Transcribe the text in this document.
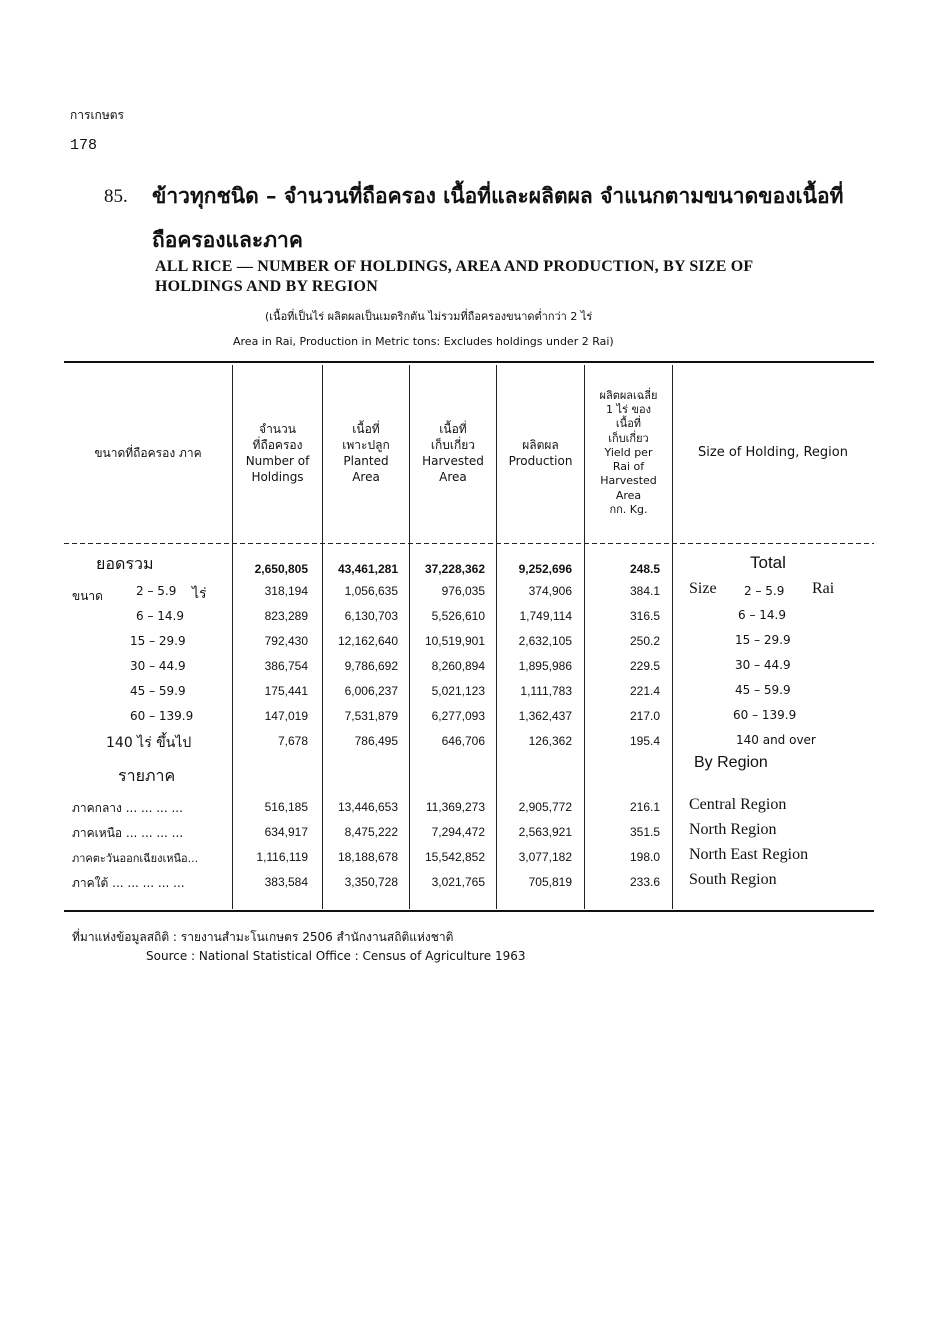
การเกษตร
178
85. ข้าวทุกชนิด – จำนวนที่ถือครอง เนื้อที่และผลิตผล จำแนกตามขนาดของเนื้อที่
ถือครองและภาค
ALL RICE — NUMBER OF HOLDINGS, AREA AND PRODUCTION, BY SIZE OF
HOLDINGS AND BY REGION
(เนื้อที่เป็นไร่ ผลิตผลเป็นเมตริกตัน ไม่รวมที่ถือครองขนาดต่ำกว่า 2 ไร่
Area in Rai, Production in Metric tons: Excludes holdings under 2 Rai)
ขนาดที่ถือครอง ภาค
จำนวน
ที่ถือครอง
Number of
Holdings
เนื้อที่
เพาะปลูก
Planted
Area
เนื้อที่
เก็บเกี่ยว
Harvested
Area
ผลิตผล
Production
ผลิตผลเฉลี่ย
1 ไร่ ของ
เนื้อที่
เก็บเกี่ยว
Yield per
Rai of
Harvested
Area
กก. Kg.
Size of Holding, Region
ยอดรวม	2,650,805 43,461,281 37,228,362	9,252,696	248.5	Total
ขนาด	2 – 5.9 ไร่	318,194	1,056,635	976,035	374,906	384.1 Size 2 – 5.9 Rai
6 – 14.9	823,289	6,130,703	5,526,610	1,749,114	316.5	6 – 14.9
15 – 29.9	792,430 12,162,640 10,519,901	2,632,105	250.2	15 – 29.9
30 – 44.9	386,754	9,786,692	8,260,894	1,895,986	229.5	30 – 44.9
45 – 59.9	175,441	6,006,237	5,021,123	1,111,783	221.4	45 – 59.9
60 – 139.9	147,019	7,531,879	6,277,093	1,362,437	217.0	60 – 139.9
140 ไร่ ขึ้นไป	7,678	786,495	646,706	126,362	195.4	140 and over
รายภาค
By Region
ภาคกลาง ... ... ... ...	516,185 13,446,653 11,369,273	2,905,772	216.1 Central Region
ภาคเหนือ ... ... ... ...	634,917	8,475,222	7,294,472	2,563,921	351.5 North Region
ภาคตะวันออกเฉียงเหนือ...	1,116,119 18,188,678 15,542,852	3,077,182	198.0 North East Region
ภาคใต้ ... ... ... ... ...	383,584	3,350,728	3,021,765	705,819	233.6 South Region
ที่มาแห่งข้อมูลสถิติ : รายงานสำมะโนเกษตร 2506 สำนักงานสถิติแห่งชาติ
Source : National Statistical Office : Census of Agriculture 1963
